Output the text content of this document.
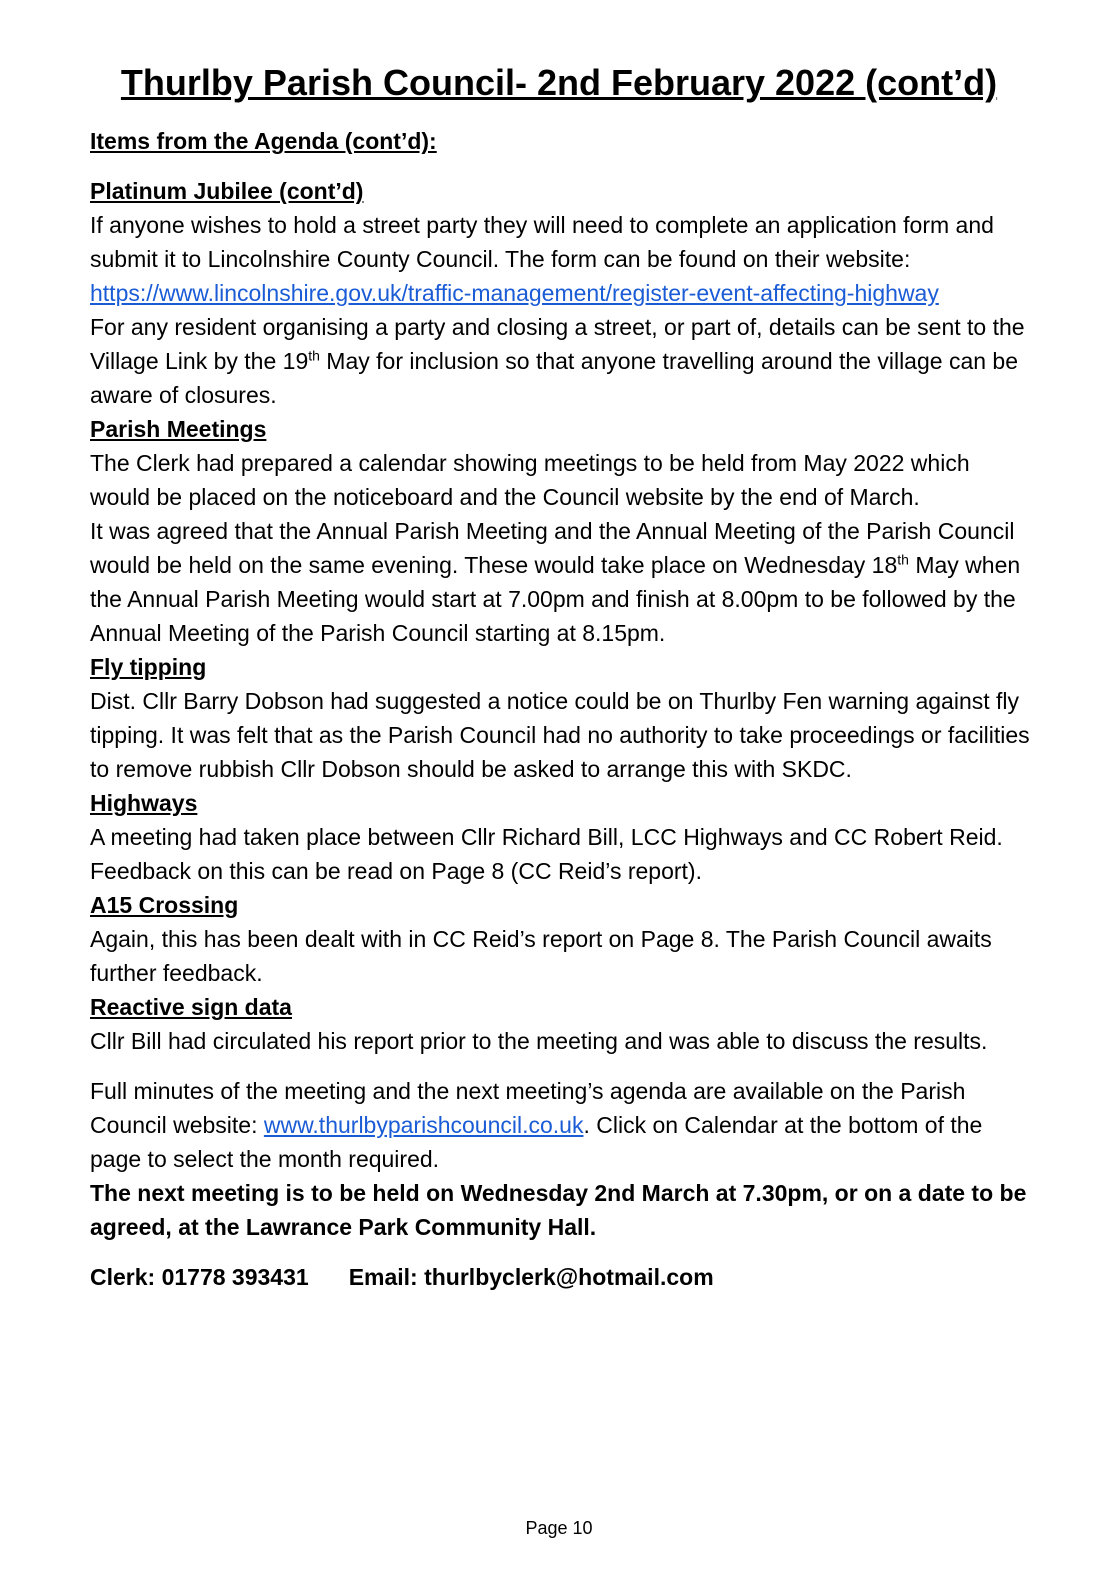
Thurlby Parish Council- 2nd February 2022 (cont’d)

Items from the Agenda (cont’d):

Platinum Jubilee (cont’d)

If anyone wishes to hold a street party they will need to complete an application form and submit it to Lincolnshire County Council. The form can be found on their website:

https://www.lincolnshire.gov.uk/traffic-management/register-event-affecting-highway

For any resident organising a party and closing a street, or part of, details can be sent to the Village Link by the 19th May for inclusion so that anyone travelling around the village can be aware of closures.

Parish Meetings

The Clerk had prepared a calendar showing meetings to be held from May 2022 which would be placed on the noticeboard and the Council website by the end of March.

It was agreed that the Annual Parish Meeting and the Annual Meeting of the Parish Council would be held on the same evening. These would take place on Wednesday 18th May when the Annual Parish Meeting would start at 7.00pm and finish at 8.00pm to be followed by the Annual Meeting of the Parish Council starting at 8.15pm.

Fly tipping

Dist. Cllr Barry Dobson had suggested a notice could be on Thurlby Fen warning against fly tipping. It was felt that as the Parish Council had no authority to take proceedings or facilities to remove rubbish Cllr Dobson should be asked to arrange this with SKDC.

Highways

A meeting had taken place between Cllr Richard Bill, LCC Highways and CC Robert Reid. Feedback on this can be read on Page 8 (CC Reid’s report).

A15 Crossing

Again, this has been dealt with in CC Reid’s report on Page 8. The Parish Council awaits further feedback.

Reactive sign data

Cllr Bill had circulated his report prior to the meeting and was able to discuss the results.

Full minutes of the meeting and the next meeting’s agenda are available on the Parish Council website: www.thurlbyparishcouncil.co.uk. Click on Calendar at the bottom of the page to select the month required.

The next meeting is to be held on Wednesday 2nd March at 7.30pm, or on a date to be agreed, at the Lawrance Park Community Hall.

Clerk: 01778 393431 Email: thurlbyclerk@hotmail.com

Page 10
